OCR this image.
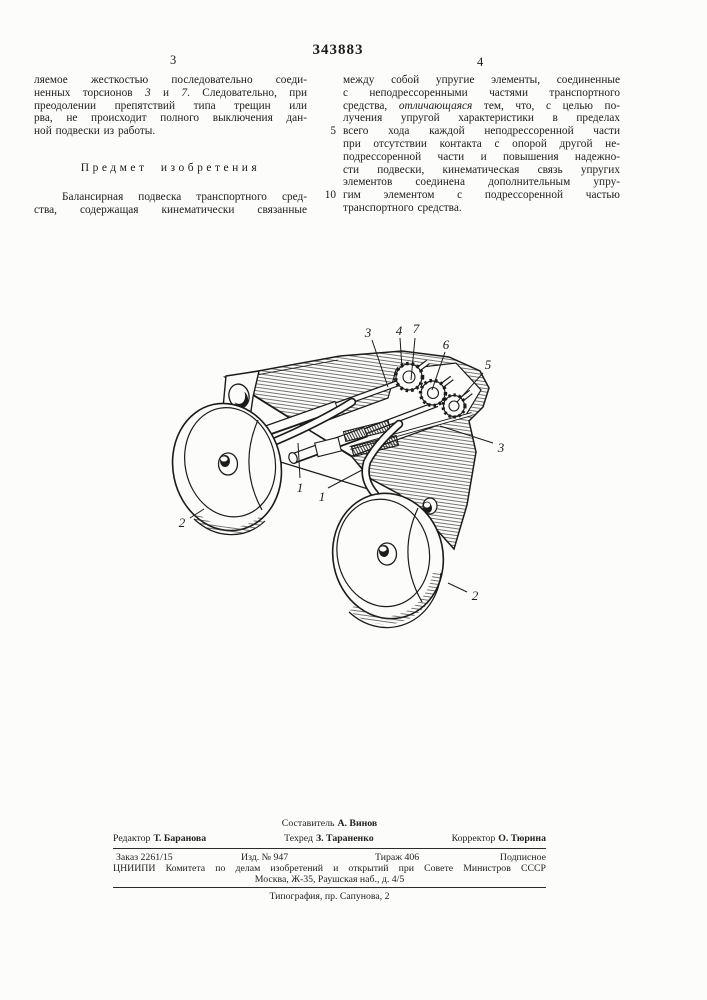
343883
3	4
ляемое жесткостью последовательно соеди-
ненных торсионов 3 и 7. Следовательно, при
преодолении препятствий типа трещин или
рва, не происходит полного выключения дан-
ной подвески из работы.
Предмет изобретения
Балансирная подвеска транспортного сред-
ства, содержащая кинематически связанные
между собой упругие элементы, соединенные
с неподрессоренными частями транспортного
средства, отличающаяся тем, что, с целью по-
лучения упругой характеристики в пределах
всего хода каждой неподрессоренной части
при отсутствии контакта с опорой другой не-
подрессоренной части и повышения надежно-
сти подвески, кинематическая связь упругих
элементов соединена дополнительным упру-
гим элементом с подрессоренной частью
транспортного средства.
5
10
3 4 7
6
5
3
1
1
2
2
Составитель А. Винов
Редактор Т. Баранова	Техред З. Тараненко	Корректор О. Тюрина
Заказ 2261/15	Изд. № 947	Тираж 406	Подписное
ЦНИИПИ Комитета по делам изобретений и открытий при Совете Министров СССР
Москва, Ж-35, Раушская наб., д. 4/5
Типография, пр. Сапунова, 2
